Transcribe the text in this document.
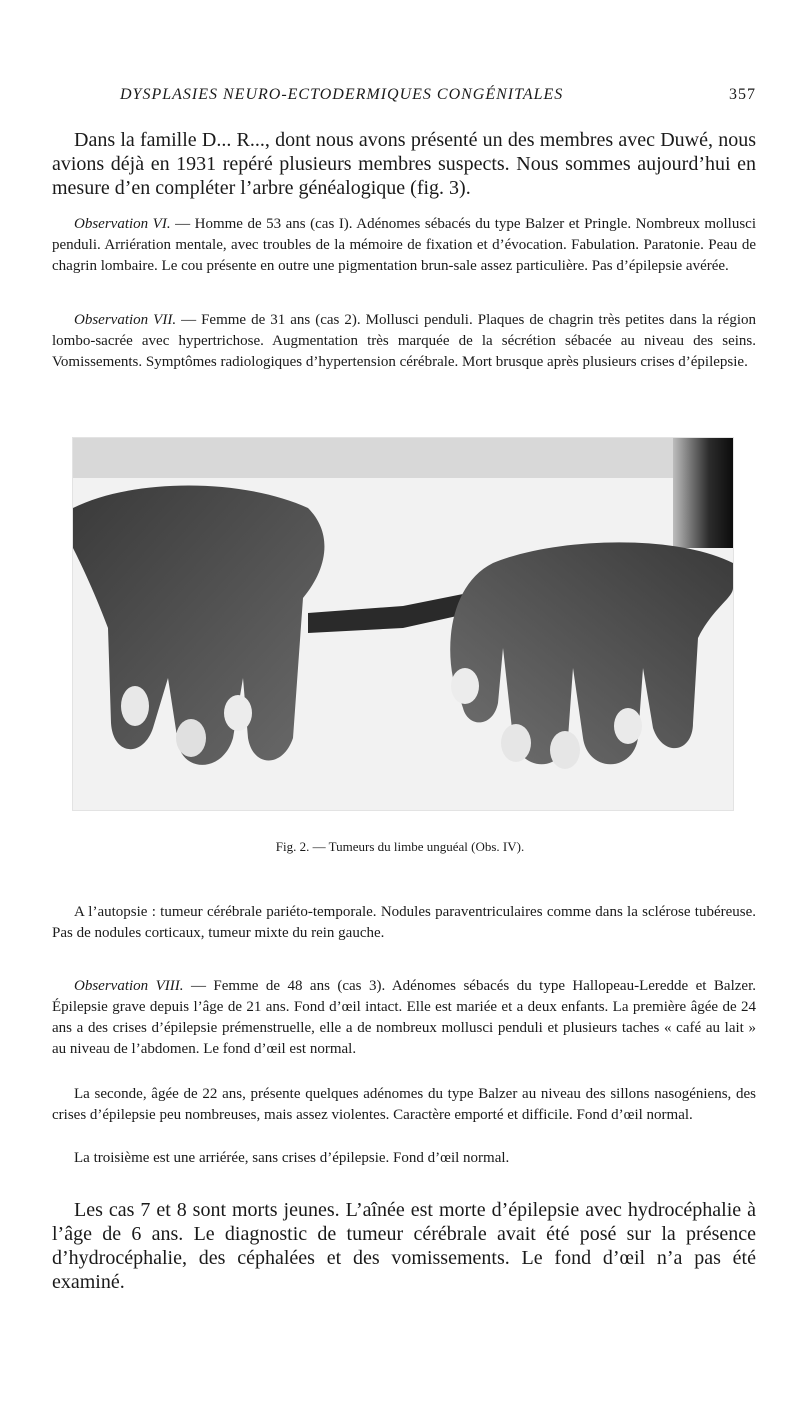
DYSPLASIES NEURO-ECTODERMIQUES CONGÉNITALES	357

Dans la famille D... R..., dont nous avons présenté un des membres avec Duwé, nous avions déjà en 1931 repéré plusieurs membres suspects. Nous sommes aujourd’hui en mesure d’en compléter l’arbre généalogique (fig. 3).

Observation VI. — Homme de 53 ans (cas I). Adénomes sébacés du type Balzer et Pringle. Nombreux mollusci penduli. Arriération mentale, avec troubles de la mémoire de fixation et d’évocation. Fabulation. Paratonie. Peau de chagrin lombaire. Le cou présente en outre une pigmentation brun-sale assez particulière. Pas d’épilepsie avérée.

Observation VII. — Femme de 31 ans (cas 2). Mollusci penduli. Plaques de chagrin très petites dans la région lombo-sacrée avec hypertrichose. Augmentation très marquée de la sécrétion sébacée au niveau des seins. Vomissements. Symptômes radiologiques d’hypertension cérébrale. Mort brusque après plusieurs crises d’épilepsie.

Fig. 2. — Tumeurs du limbe unguéal (Obs. IV).

A l’autopsie : tumeur cérébrale pariéto-temporale. Nodules paraventriculaires comme dans la sclérose tubéreuse. Pas de nodules corticaux, tumeur mixte du rein gauche.

Observation VIII. — Femme de 48 ans (cas 3). Adénomes sébacés du type Hallopeau-Leredde et Balzer. Épilepsie grave depuis l’âge de 21 ans. Fond d’œil intact. Elle est mariée et a deux enfants. La première âgée de 24 ans a des crises d’épilepsie prémenstruelle, elle a de nombreux mollusci penduli et plusieurs taches « café au lait » au niveau de l’abdomen. Le fond d’œil est normal.

La seconde, âgée de 22 ans, présente quelques adénomes du type Balzer au niveau des sillons nasogéniens, des crises d’épilepsie peu nombreuses, mais assez violentes. Caractère emporté et difficile. Fond d’œil normal.

La troisième est une arriérée, sans crises d’épilepsie. Fond d’œil normal.

Les cas 7 et 8 sont morts jeunes. L’aînée est morte d’épilepsie avec hydrocéphalie à l’âge de 6 ans. Le diagnostic de tumeur cérébrale avait été posé sur la présence d’hydrocéphalie, des céphalées et des vomissements. Le fond d’œil n’a pas été examiné.
